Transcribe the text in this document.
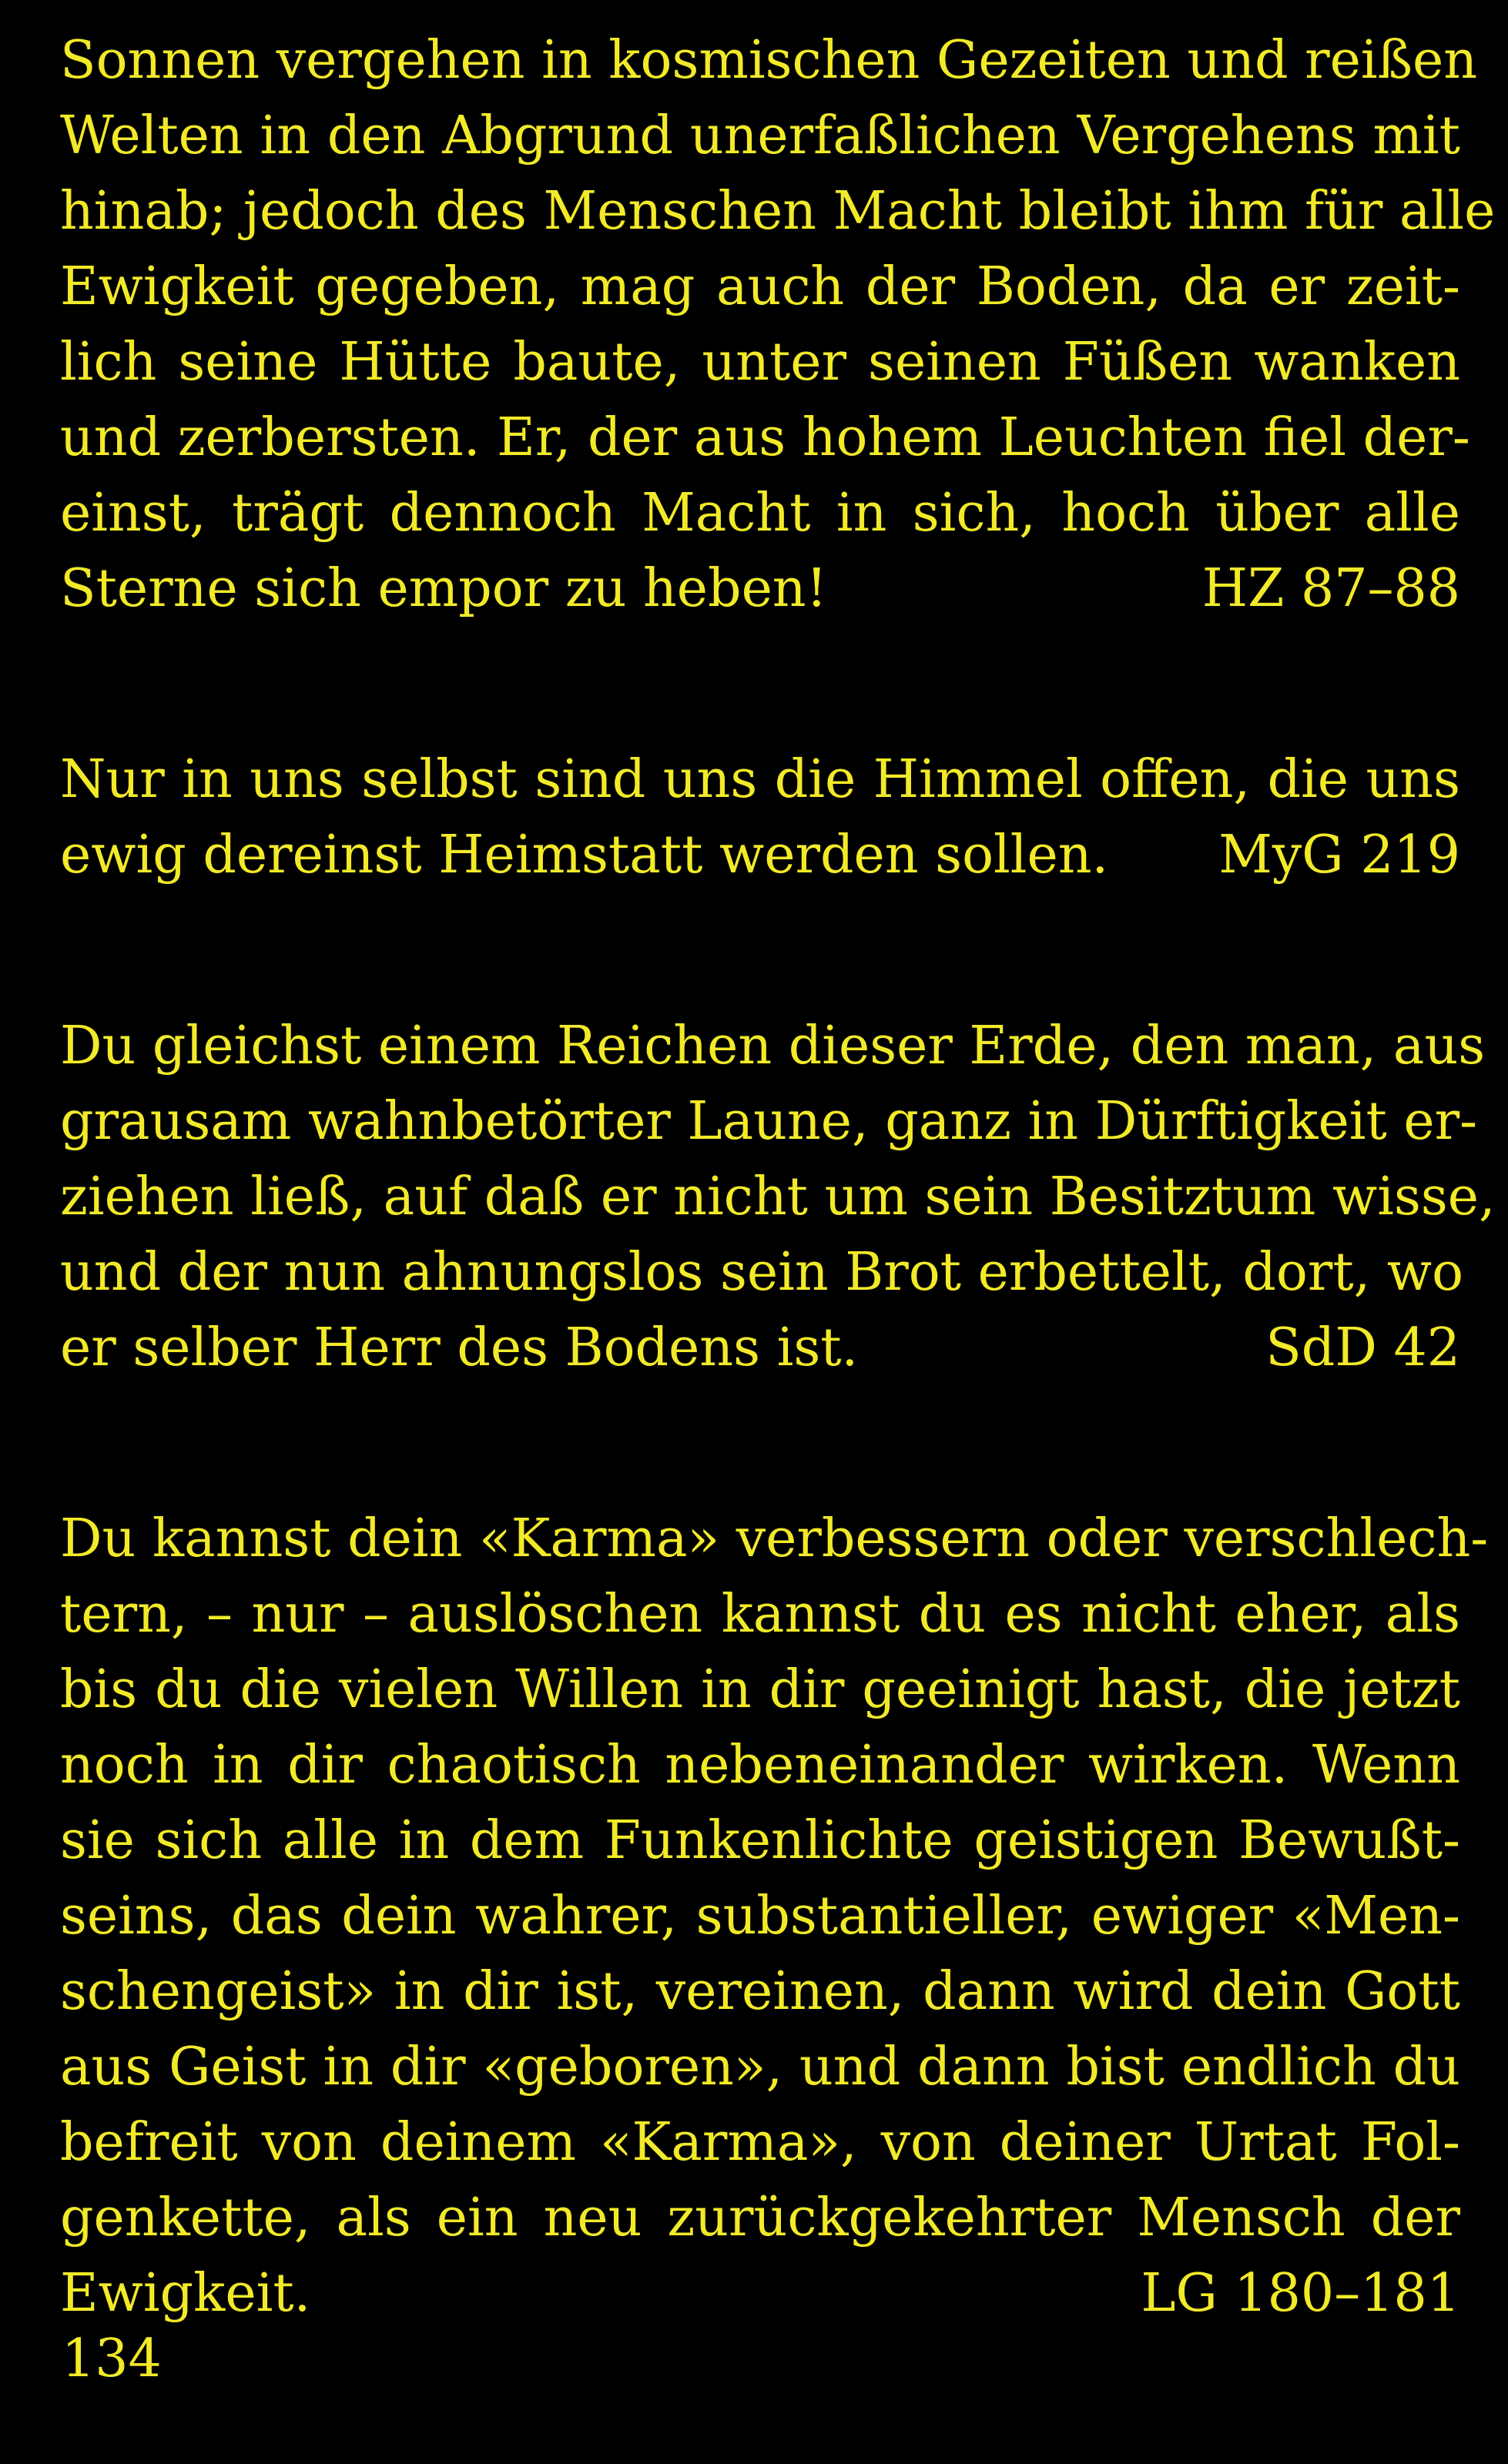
Sonnen vergehen in kosmischen Gezeiten und reißen
Welten in den Abgrund unerfaßlichen Vergehens mit
hinab; jedoch des Menschen Macht bleibt ihm für alle
Ewigkeit gegeben, mag auch der Boden, da er zeit-
lich seine Hütte baute, unter seinen Füßen wanken
und zerbersten. Er, der aus hohem Leuchten fiel der-
einst, trägt dennoch Macht in sich, hoch über alle
Sterne sich empor zu heben!	HZ 87–88
Nur in uns selbst sind uns die Himmel offen, die uns
ewig dereinst Heimstatt werden sollen.	MyG 219
Du gleichst einem Reichen dieser Erde, den man, aus
grausam wahnbetörter Laune, ganz in Dürftigkeit er-
ziehen ließ, auf daß er nicht um sein Besitztum wisse,
und der nun ahnungslos sein Brot erbettelt, dort, wo
er selber Herr des Bodens ist.	SdD 42
Du kannst dein «Karma» verbessern oder verschlech-
tern, – nur – auslöschen kannst du es nicht eher, als
bis du die vielen Willen in dir geeinigt hast, die jetzt
noch in dir chaotisch nebeneinander wirken. Wenn
sie sich alle in dem Funkenlichte geistigen Bewußt-
seins, das dein wahrer, substantieller, ewiger «Men-
schengeist» in dir ist, vereinen, dann wird dein Gott
aus Geist in dir «geboren», und dann bist endlich du
befreit von deinem «Karma», von deiner Urtat Fol-
genkette, als ein neu zurückgekehrter Mensch der
Ewigkeit.	LG 180–181
134
